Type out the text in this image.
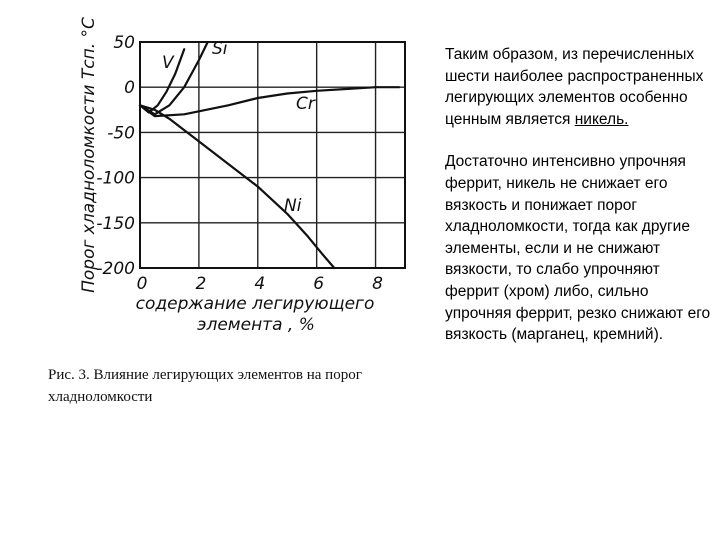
50
0
-50
-100
-150
-200
0	2	4	6	8
содержание легирующего
элемента , %
Порог хладноломкости Tсп. °С	V
Si
Cr
Ni
Рис. 3. Влияние легирующих элементов на порог хладноломкости

Таким образом, из перечисленных шести наиболее распространенных легирующих элементов особенно ценным является никель.

Достаточно интенсивно упрочняя феррит, никель не снижает его вязкость и понижает порог хладноломкости, тогда как другие элементы, если и не снижают вязкости, то слабо упрочняют феррит (хром) либо, сильно упрочняя феррит, резко снижают его вязкость (марганец, кремний).
